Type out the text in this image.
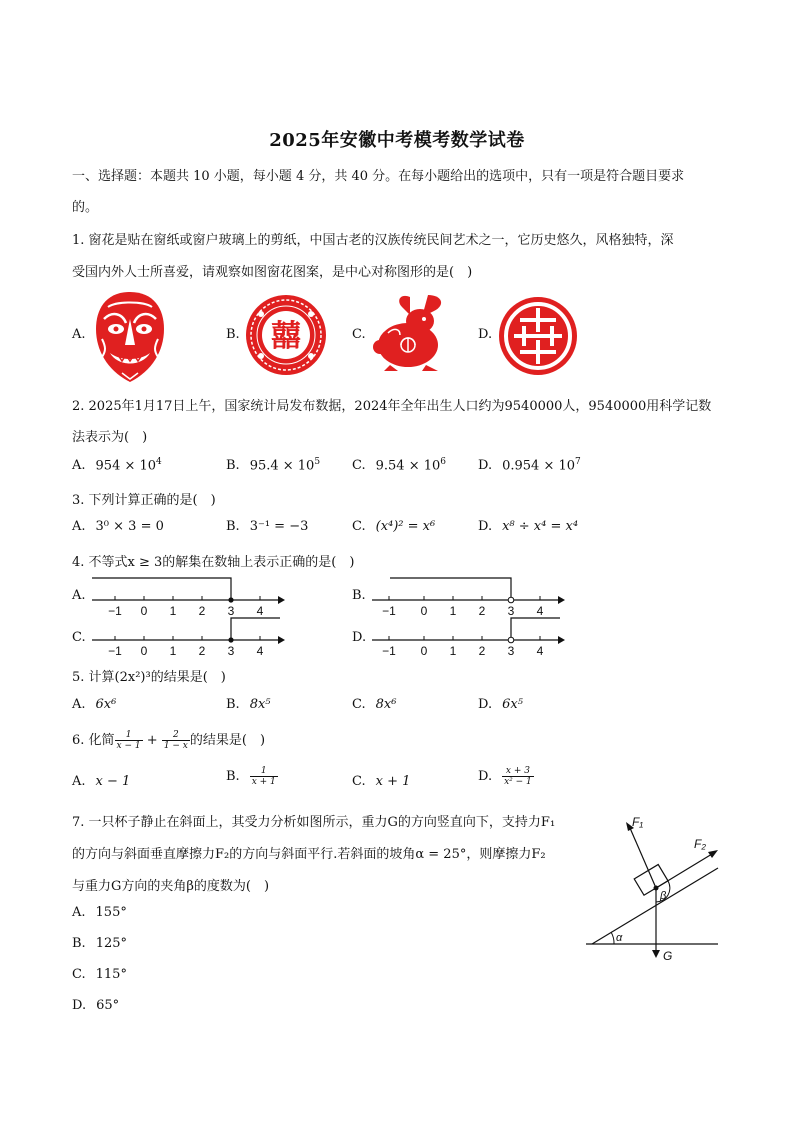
2025年安徽中考模考数学试卷
一、选择题：本题共 10 小题，每小题 4 分，共 40 分。在每小题给出的选项中，只有一项是符合题目要求
的。
1. 窗花是贴在窗纸或窗户玻璃上的剪纸，中国古老的汉族传统民间艺术之一，它历史悠久，风格独特，深
受国内外人士所喜爱，请观察如图窗花图案，是中心对称图形的是(　)
A.	B. 囍	C.	D.
2. 2025年1月17日上午，国家统计局发布数据，2024年全年出生人口约为9540000人，9540000用科学记数
法表示为(　)
A. $954 \times 10^4$	B. $95.4 \times 10^5$ C. $9.54 \times 10^6$ D. $0.954 \times 10^7$
3. 下列计算正确的是(　)
A. 3⁰ × 3 = 0	B. 3⁻¹ = −3	C. (x⁴)² = x⁶	D. x⁸ ÷ x⁴ = x⁴
4. 不等式x ≥ 3的解集在数轴上表示正确的是(　)
A.	B.
C.	D.
−1 0 1 2 3 4	−1 0 1 2 3 4
−1 0 1 2 3 4	−1 0 1 2 3 4
5. 计算(2x²)³的结果是(　)
A. 6x⁶	B. 8x⁵	C. 8x⁶	D. 6x⁵
6. 化简 $\frac{1}{x - 1} + \frac{2}{1 - x}$ 的结果是(　)
A. x − 1	B. $\frac{1}{x + 1}$	C. x + 1	D. $\frac{x + 3}{\text{x² − 1}}$
7. 一只杯子静止在斜面上，其受力分析如图所示，重力G的方向竖直向下，支持力F₁
的方向与斜面垂直摩擦力F₂的方向与斜面平行.若斜面的坡角α = 25°，则摩擦力F₂
与重力G方向的夹角β的度数为(　)
A. 155°
B. 125°
C. 115°
D. 65°
α
G
F₁
F₂
β
